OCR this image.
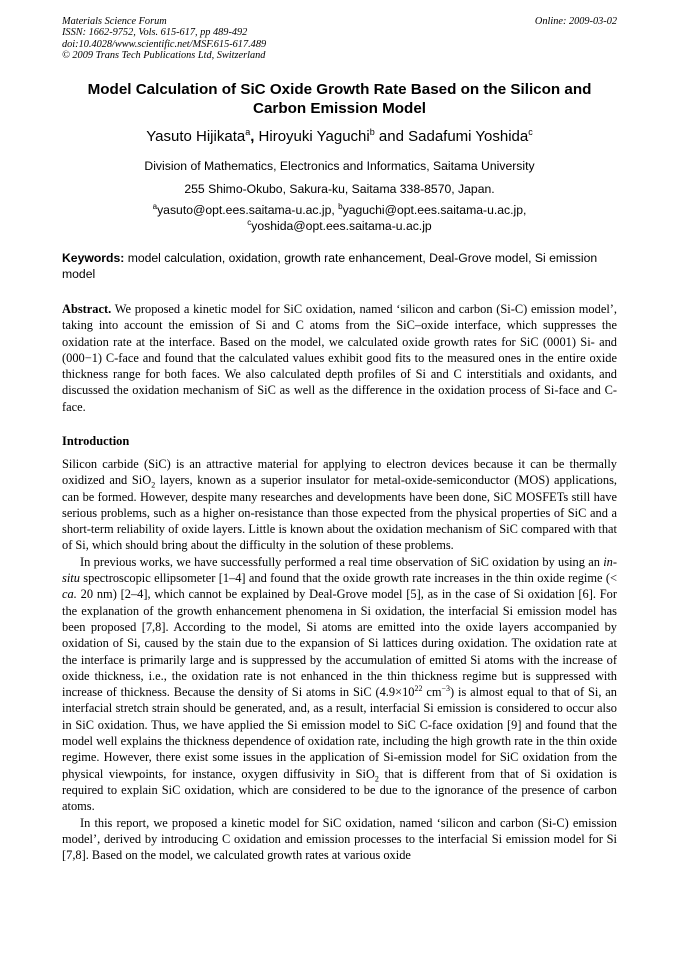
Materials Science Forum
ISSN: 1662-9752, Vols. 615-617, pp 489-492
doi:10.4028/www.scientific.net/MSF.615-617.489
© 2009 Trans Tech Publications Ltd, Switzerland
Online: 2009-03-02
Model Calculation of SiC Oxide Growth Rate Based on the Silicon and Carbon Emission Model
Yasuto Hijikata$^a$, Hiroyuki Yaguchi$^b$ and Sadafumi Yoshida$^c$
Division of Mathematics, Electronics and Informatics, Saitama University
255 Shimo-Okubo, Sakura-ku, Saitama 338-8570, Japan.
$^a$yasuto@opt.ees.saitama-u.ac.jp, $^b$yaguchi@opt.ees.saitama-u.ac.jp,
$^c$yoshida@opt.ees.saitama-u.ac.jp
Keywords: model calculation, oxidation, growth rate enhancement, Deal-Grove model, Si emission model
Abstract. We proposed a kinetic model for SiC oxidation, named ‘silicon and carbon (Si-C) emission model’, taking into account the emission of Si and C atoms from the SiC–oxide interface, which suppresses the oxidation rate at the interface. Based on the model, we calculated oxide growth rates for SiC (0001) Si- and (000−1) C-face and found that the calculated values exhibit good fits to the measured ones in the entire oxide thickness range for both faces. We also calculated depth profiles of Si and C interstitials and oxidants, and discussed the oxidation mechanism of SiC as well as the difference in the oxidation process of Si-face and C-face.
Introduction

Silicon carbide (SiC) is an attractive material for applying to electron devices because it can be thermally oxidized and SiO$_2$ layers, known as a superior insulator for metal-oxide-semiconductor (MOS) applications, can be formed. However, despite many researches and developments have been done, SiC MOSFETs still have serious problems, such as a higher on-resistance than those expected from the physical properties of SiC and a short-term reliability of oxide layers. Little is known about the oxidation mechanism of SiC compared with that of Si, which should bring about the difficulty in the solution of these problems.

In previous works, we have successfully performed a real time observation of SiC oxidation by using an in-situ spectroscopic ellipsometer [1–4] and found that the oxide growth rate increases in the thin oxide regime (< ca. 20 nm) [2–4], which cannot be explained by Deal-Grove model [5], as in the case of Si oxidation [6]. For the explanation of the growth enhancement phenomena in Si oxidation, the interfacial Si emission model has been proposed [7,8]. According to the model, Si atoms are emitted into the oxide layers accompanied by oxidation of Si, caused by the stain due to the expansion of Si lattices during oxidation. The oxidation rate at the interface is primarily large and is suppressed by the accumulation of emitted Si atoms with the increase of oxide thickness, i.e., the oxidation rate is not enhanced in the thin thickness regime but is suppressed with increase of thickness. Because the density of Si atoms in SiC ($4.9\times 10^{22}$ $cm^{-3}$) is almost equal to that of Si, an interfacial stretch strain should be generated, and, as a result, interfacial Si emission is considered to occur also in SiC oxidation. Thus, we have applied the Si emission model to SiC C-face oxidation [9] and found that the model well explains the thickness dependence of oxidation rate, including the high growth rate in the thin oxide regime. However, there exist some issues in the application of Si-emission model for SiC oxidation from the physical viewpoints, for instance, oxygen diffusivity in SiO$_2$ that is different from that of Si oxidation is required to explain SiC oxidation, which are considered to be due to the ignorance of the presence of carbon atoms.

In this report, we proposed a kinetic model for SiC oxidation, named ‘silicon and carbon (Si-C) emission model’, derived by introducing C oxidation and emission processes to the interfacial Si emission model for Si [7,8]. Based on the model, we calculated growth rates at various oxide
